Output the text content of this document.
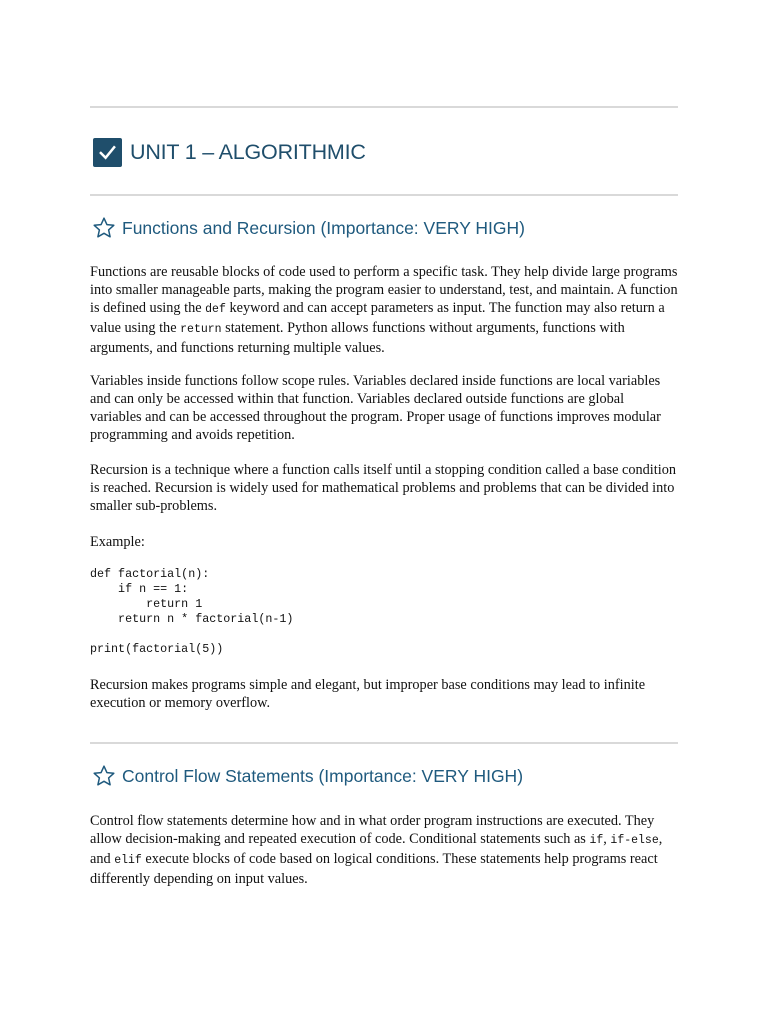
UNIT 1 – ALGORITHMIC
Functions and Recursion (Importance: VERY HIGH)

Functions are reusable blocks of code used to perform a specific task. They help divide large programs into smaller manageable parts, making the program easier to understand, test, and maintain. A function is defined using the def keyword and can accept parameters as input. The function may also return a value using the return statement. Python allows functions without arguments, functions with arguments, and functions returning multiple values.

Variables inside functions follow scope rules. Variables declared inside functions are local variables and can only be accessed within that function. Variables declared outside functions are global variables and can be accessed throughout the program. Proper usage of functions improves modular programming and avoids repetition.

Recursion is a technique where a function calls itself until a stopping condition called a base condition is reached. Recursion is widely used for mathematical problems and problems that can be divided into smaller sub-problems.

Example:

def factorial(n):
if n == 1:
return 1
return n * factorial(n-1)

print(factorial(5))

Recursion makes programs simple and elegant, but improper base conditions may lead to infinite execution or memory overflow.

Control Flow Statements (Importance: VERY HIGH)

Control flow statements determine how and in what order program instructions are executed. They allow decision-making and repeated execution of code. Conditional statements such as if, if-else, and elif execute blocks of code based on logical conditions. These statements help programs react differently depending on input values.
